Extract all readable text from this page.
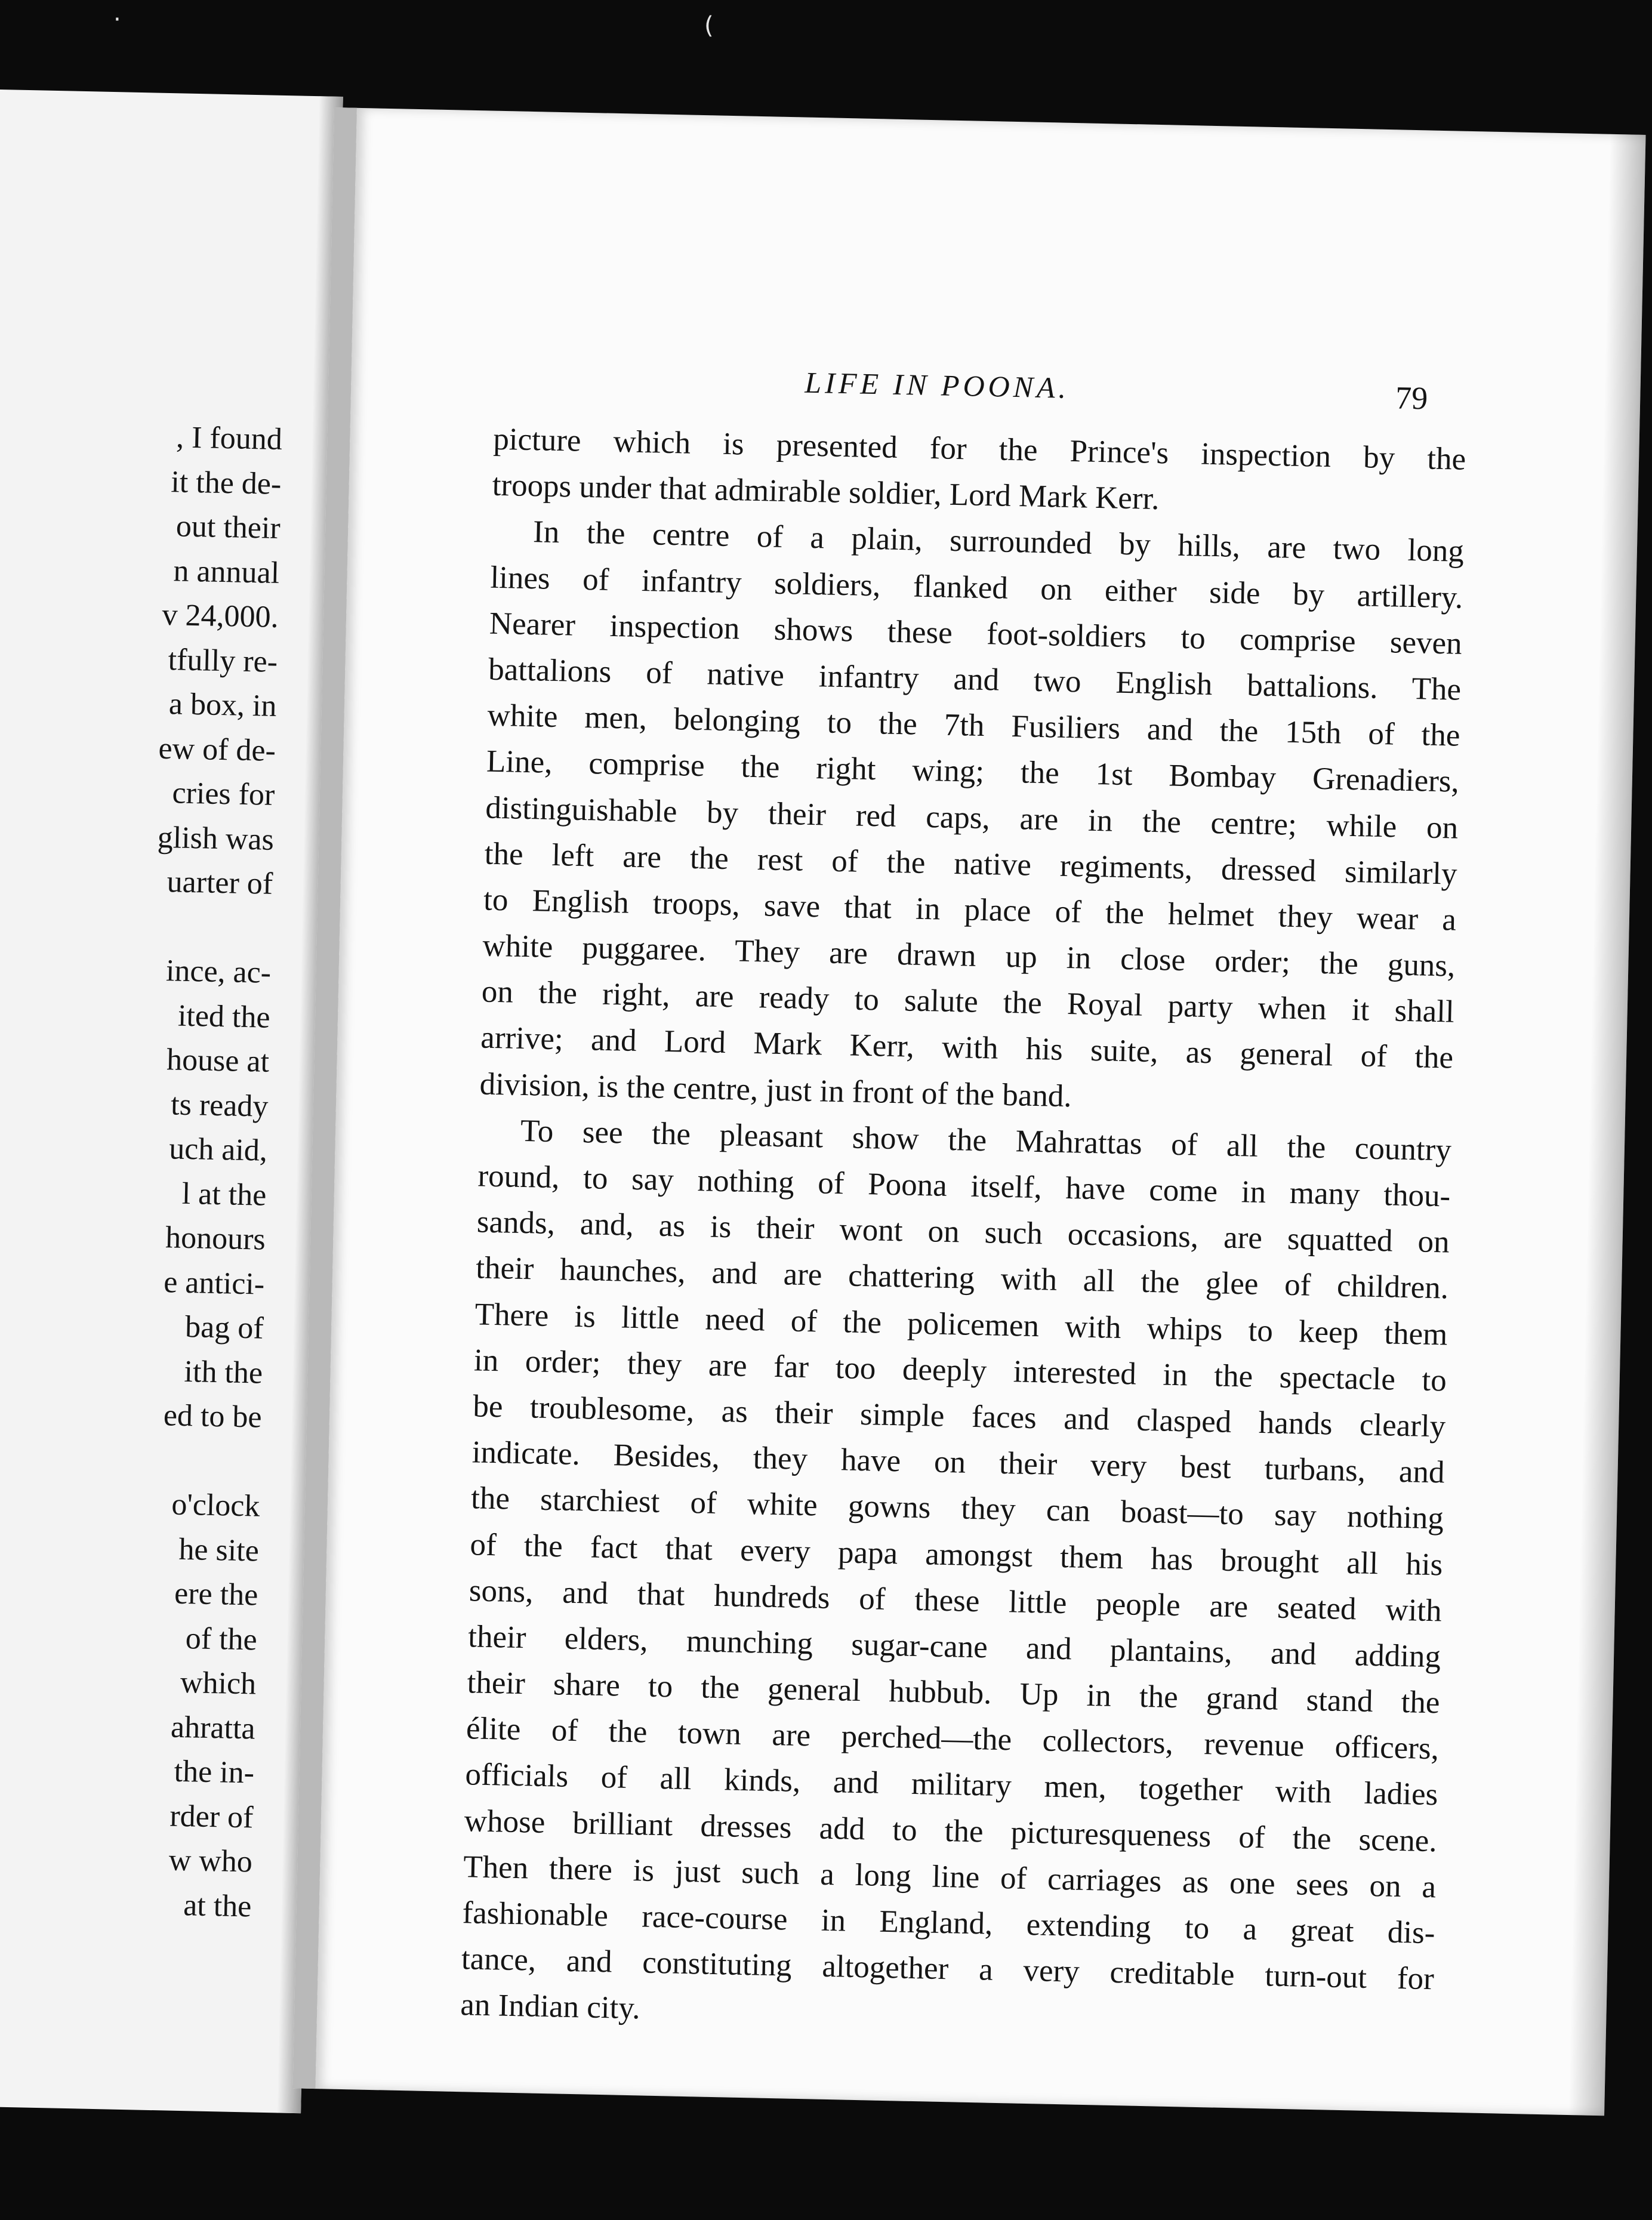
, I found
it the de-
out their
n annual
v 24,000.
tfully re-
a box, in
ew of de-
cries for
glish was
uarter of
ince, ac-
ited the
house at
ts ready
uch aid,
l at the
honours
e antici-
bag of
ith the
ed to be
o'clock
he site
ere the
of the
which
ahratta
the in-
rder of
w who
at the
LIFE IN POONA.	79
picture which is presented for the Prince's inspection by the
troops under that admirable soldier, Lord Mark Kerr.
In the centre of a plain, surrounded by hills, are two long
lines of infantry soldiers, flanked on either side by artillery.
Nearer inspection shows these foot-soldiers to comprise seven
battalions of native infantry and two English battalions. The
white men, belonging to the 7th Fusiliers and the 15th of the
Line, comprise the right wing; the 1st Bombay Grenadiers,
distinguishable by their red caps, are in the centre; while on
the left are the rest of the native regiments, dressed similarly
to English troops, save that in place of the helmet they wear a
white puggaree. They are drawn up in close order; the guns,
on the right, are ready to salute the Royal party when it shall
arrive; and Lord Mark Kerr, with his suite, as general of the
division, is the centre, just in front of the band.
To see the pleasant show the Mahrattas of all the country
round, to say nothing of Poona itself, have come in many thou-
sands, and, as is their wont on such occasions, are squatted on
their haunches, and are chattering with all the glee of children.
There is little need of the policemen with whips to keep them
in order; they are far too deeply interested in the spectacle to
be troublesome, as their simple faces and clasped hands clearly
indicate. Besides, they have on their very best turbans, and
the starchiest of white gowns they can boast—to say nothing
of the fact that every papa amongst them has brought all his
sons, and that hundreds of these little people are seated with
their elders, munching sugar-cane and plantains, and adding
their share to the general hubbub. Up in the grand stand the
élite of the town are perched—the collectors, revenue officers,
officials of all kinds, and military men, together with ladies
whose brilliant dresses add to the picturesqueness of the scene.
Then there is just such a long line of carriages as one sees on a
fashionable race-course in England, extending to a great dis-
tance, and constituting altogether a very creditable turn-out for
an Indian city.
·	(
